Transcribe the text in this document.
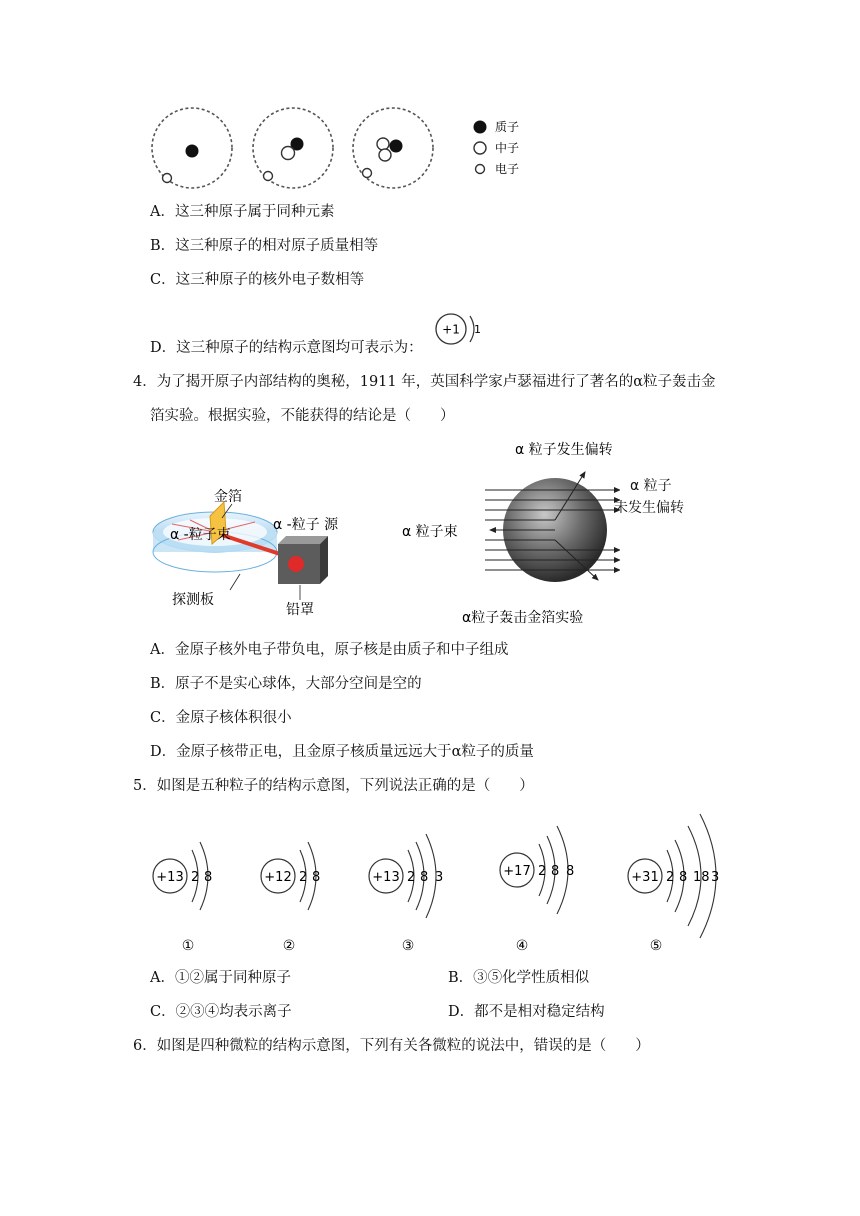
质子
中子
电子
A．这三种原子属于同种元素
B．这三种原子的相对原子质量相等
C．这三种原子的核外电子数相等
D．这三种原子的结构示意图均可表示为：
+1 1
4．为了揭开原子内部结构的奥秘，1911 年，英国科学家卢瑟福进行了著名的α粒子轰击金
箔实验。根据实验，不能获得的结论是（　　）
金箔
α -粒子 源
α -粒子束
探测板
铅罩
α 粒子发生偏转
α 粒子束
α粒子轰击金箔实验
α 粒子
未发生偏转
A．金原子核外电子带负电，原子核是由质子和中子组成
B．原子不是实心球体，大部分空间是空的
C．金原子核体积很小
D．金原子核带正电，且金原子核质量远远大于α粒子的质量
5．如图是五种粒子的结构示意图，下列说法正确的是（　　）
+13 2 8
①
+12 2 8
②
+13 2 8 3
③
+17 2 8 8
④
+31 2 8 18 3
⑤
A．①②属于同种原子	B．③⑤化学性质相似
C．②③④均表示离子	D．都不是相对稳定结构
6．如图是四种微粒的结构示意图，下列有关各微粒的说法中，错误的是（　　）
